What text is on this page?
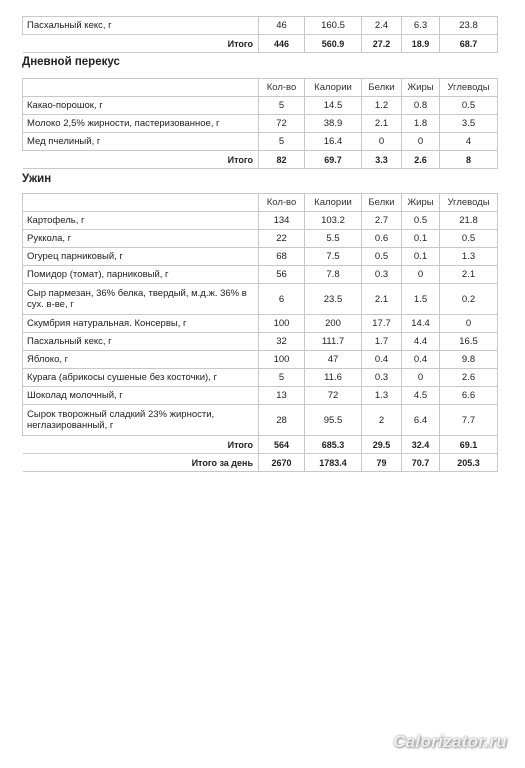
Пасхальный кекс, г	46	160.5	2.4	6.3	23.8
Итого	446	560.9	27.2	18.9	68.7
Дневной перекус
	Кол-во	Калории	Белки	Жиры	Углеводы
Какао-порошок, г	5	14.5	1.2	0.8	0.5
Молоко 2,5% жирности, пастеризованное, г	72	38.9	2.1	1.8	3.5
Мед пчелиный, г	5	16.4	0	0	4
Итого	82	69.7	3.3	2.6	8
Ужин
	Кол-во	Калории	Белки	Жиры	Углеводы
Картофель, г	134	103.2	2.7	0.5	21.8
Руккола, г	22	5.5	0.6	0.1	0.5
Огурец парниковый, г	68	7.5	0.5	0.1	1.3
Помидор (томат), парниковый, г	56	7.8	0.3	0	2.1
Сыр пармезан, 36% белка, твердый, м.д.ж. 36% в сух. в-ве, г	6	23.5	2.1	1.5	0.2
Скумбрия натуральная. Консервы, г	100	200	17.7	14.4	0
Пасхальный кекс, г	32	111.7	1.7	4.4	16.5
Яблоко, г	100	47	0.4	0.4	9.8
Курага (абрикосы сушеные без косточки), г	5	11.6	0.3	0	2.6
Шоколад молочный, г	13	72	1.3	4.5	6.6
Сырок творожный сладкий 23% жирности, неглазированный, г	28	95.5	2	6.4	7.7
Итого	564	685.3	29.5	32.4	69.1
Итого за день	2670	1783.4	79	70.7	205.3
Calorizator.ru
